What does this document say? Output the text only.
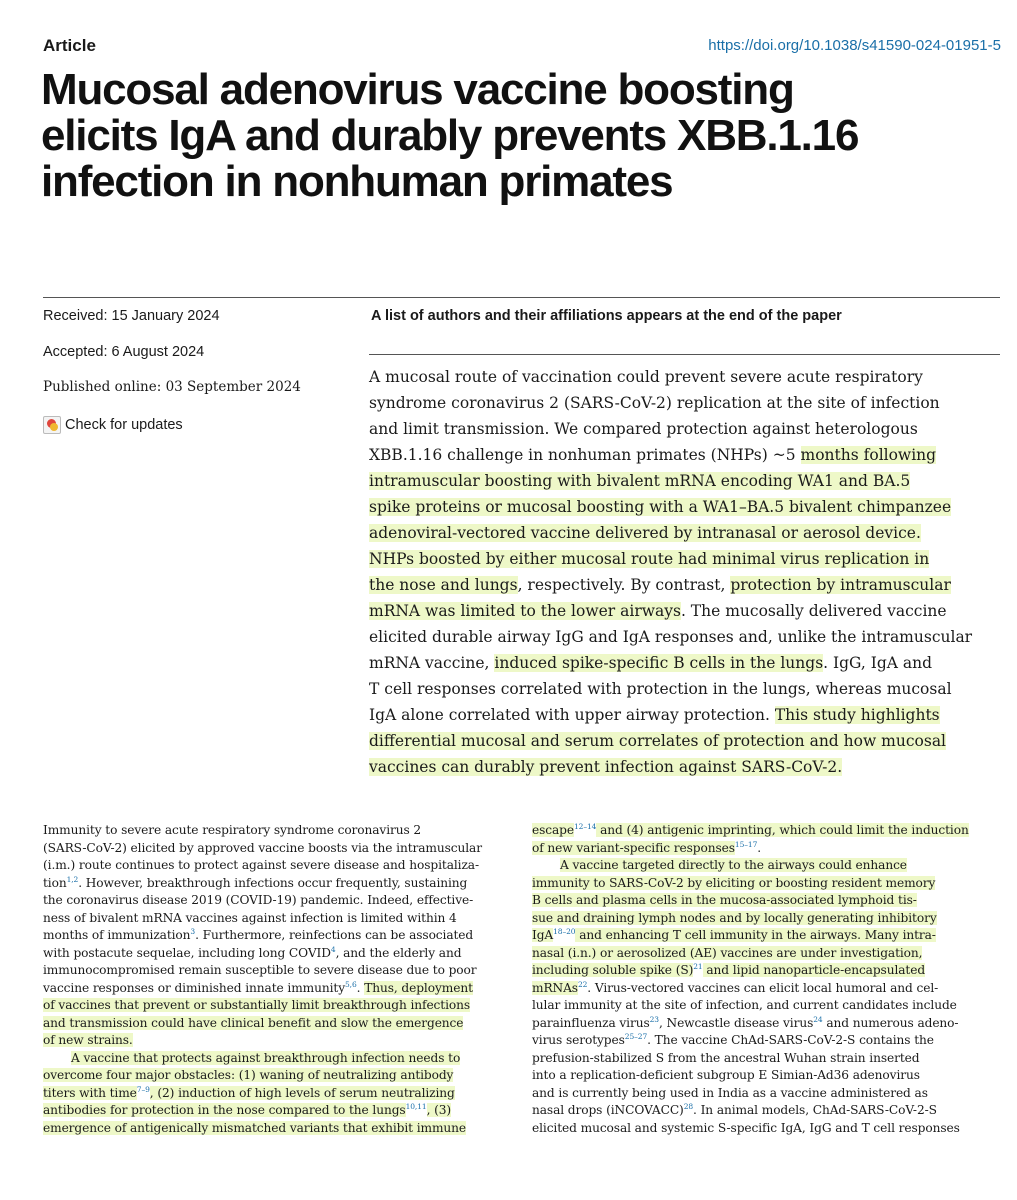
Article	https://doi.org/10.1038/s41590-024-01951-5
Mucosal adenovirus vaccine boosting
elicits IgA and durably prevents XBB.1.16
infection in nonhuman primates
Received: 15 January 2024
Accepted: 6 August 2024
Published online: 03 September 2024
Check for updates
A list of authors and their affiliations appears at the end of the paper
A mucosal route of vaccination could prevent severe acute respiratory
syndrome coronavirus 2 (SARS-CoV-2) replication at the site of infection
and limit transmission. We compared protection against heterologous
XBB.1.16 challenge in nonhuman primates (NHPs) ~5 months following
intramuscular boosting with bivalent mRNA encoding WA1 and BA.5
spike proteins or mucosal boosting with a WA1–BA.5 bivalent chimpanzee
adenoviral-vectored vaccine delivered by intranasal or aerosol device.
NHPs boosted by either mucosal route had minimal virus replication in
the nose and lungs, respectively. By contrast, protection by intramuscular
mRNA was limited to the lower airways. The mucosally delivered vaccine
elicited durable airway IgG and IgA responses and, unlike the intramuscular
mRNA vaccine, induced spike-specific B cells in the lungs. IgG, IgA and
T cell responses correlated with protection in the lungs, whereas mucosal
IgA alone correlated with upper airway protection. This study highlights
differential mucosal and serum correlates of protection and how mucosal
vaccines can durably prevent infection against SARS-CoV-2.
Immunity to severe acute respiratory syndrome coronavirus 2
(SARS-CoV-2) elicited by approved vaccine boosts via the intramuscular
(i.m.) route continues to protect against severe disease and hospitaliza-
tion$^{1,2}$. However, breakthrough infections occur frequently, sustaining
the coronavirus disease 2019 (COVID-19) pandemic. Indeed, effective-
ness of bivalent mRNA vaccines against infection is limited within 4
months of immunization$^3$. Furthermore, reinfections can be associated
with postacute sequelae, including long COVID$^4$, and the elderly and
immunocompromised remain susceptible to severe disease due to poor
vaccine responses or diminished innate immunity$^{5,6}$. Thus, deployment
of vaccines that prevent or substantially limit breakthrough infections
and transmission could have clinical benefit and slow the emergence
of new strains.
A vaccine that protects against breakthrough infection needs to
overcome four major obstacles: (1) waning of neutralizing antibody
titers with time$^{7-9}$, (2) induction of high levels of serum neutralizing
antibodies for protection in the nose compared to the lungs$^{10,11}$, (3)
emergence of antigenically mismatched variants that exhibit immune
escape$^{12-14}$ and (4) antigenic imprinting, which could limit the induction
of new variant-specific responses$^{15-17}$.
A vaccine targeted directly to the airways could enhance
immunity to SARS-CoV-2 by eliciting or boosting resident memory
B cells and plasma cells in the mucosa-associated lymphoid tis-
sue and draining lymph nodes and by locally generating inhibitory
IgA$^{18-20}$ and enhancing T cell immunity in the airways. Many intra-
nasal (i.n.) or aerosolized (AE) vaccines are under investigation,
including soluble spike $(S)^{21}$ and lipid nanoparticle-encapsulated
mRNAs$^{22}$. Virus-vectored vaccines can elicit local humoral and cel-
lular immunity at the site of infection, and current candidates include
parainfluenza virus$^{23}$, Newcastle disease virus$^{24}$ and numerous adeno-
virus serotypes$^{25-27}$. The vaccine ChAd-SARS-CoV-2-S contains the
prefusion-stabilized S from the ancestral Wuhan strain inserted
into a replication-deficient subgroup E Simian-Ad36 adenovirus
and is currently being used in India as a vaccine administered as
nasal drops (iNCOVACC)$^{28}$. In animal models, ChAd-SARS-CoV-2-S
elicited mucosal and systemic S-specific IgA, IgG and T cell responses
